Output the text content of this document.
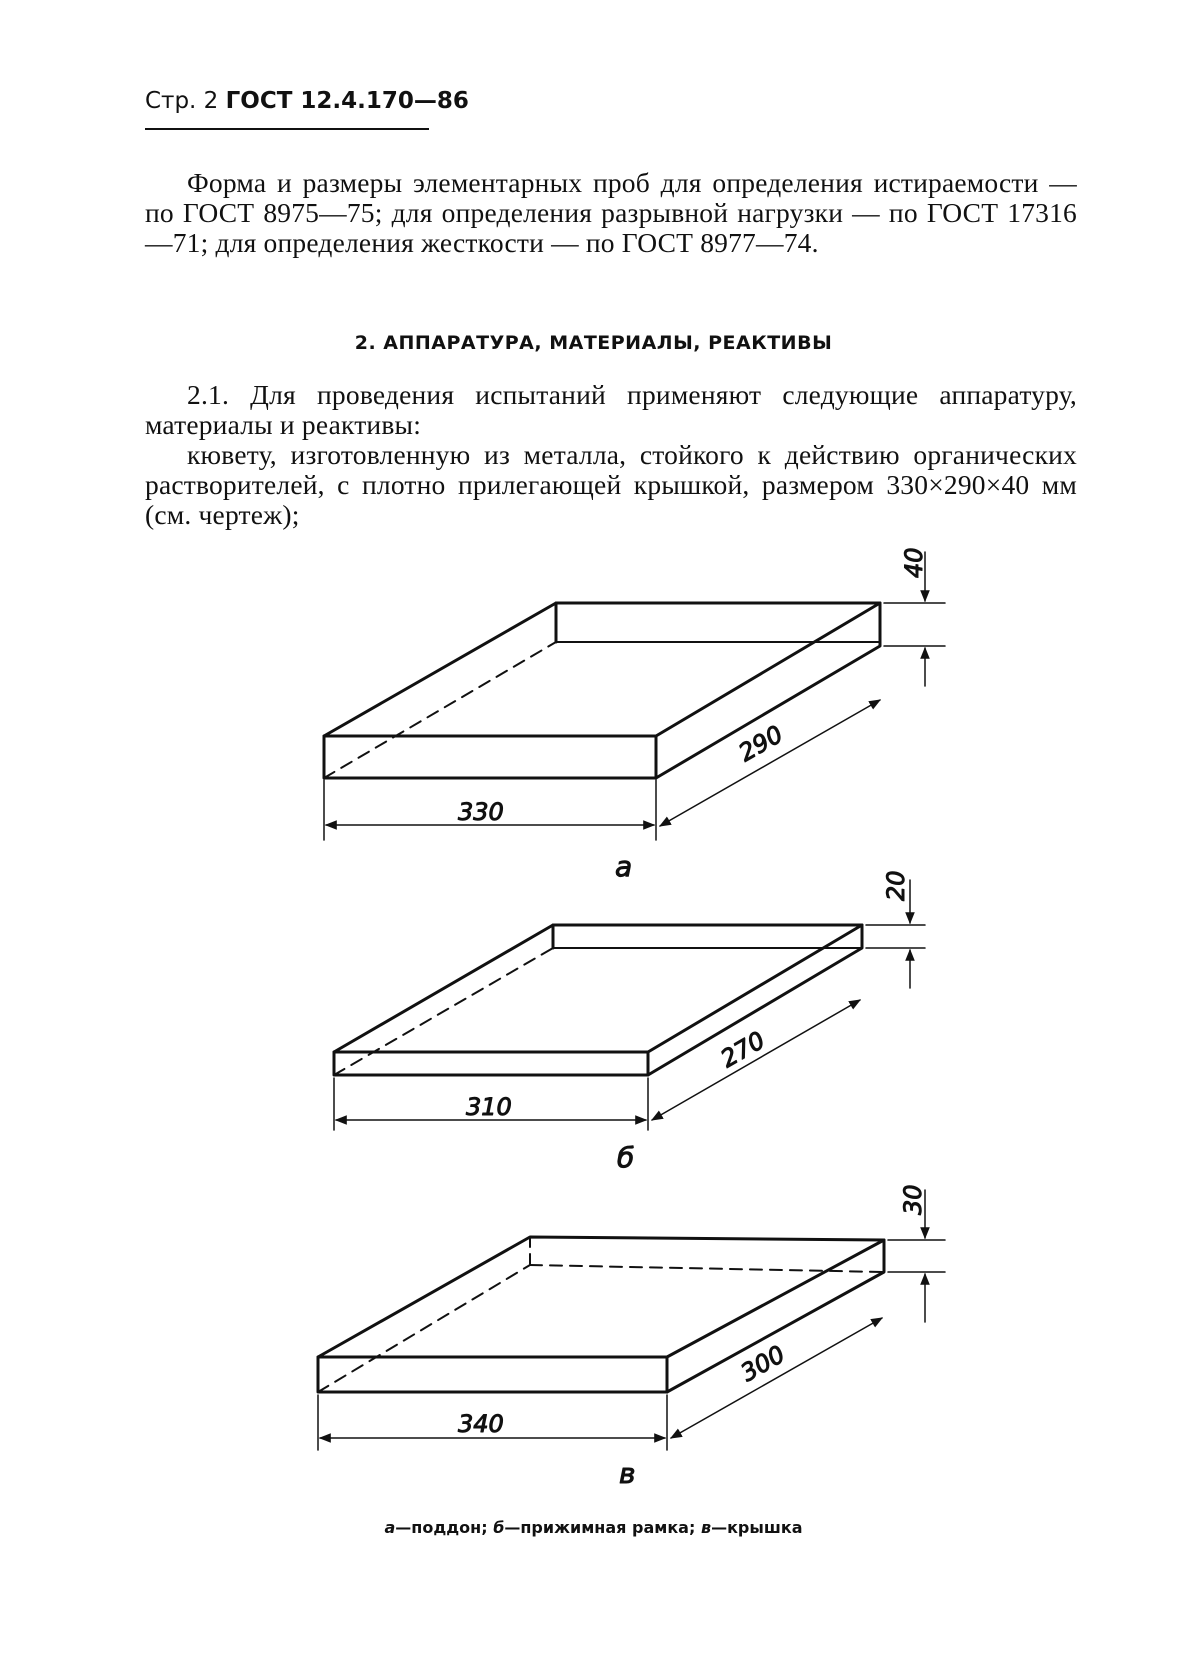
Стр. 2 ГОСТ 12.4.170—86
Форма и размеры элементарных проб для определения истираемости — по ГОСТ 8975—75; для определения разрывной нагрузки — по ГОСТ 17316—71; для определения жесткости — по ГОСТ 8977—74.
2. АППАРАТУРА, МАТЕРИАЛЫ, РЕАКТИВЫ
2.1. Для проведения испытаний применяют следующие аппаратуру, материалы и реактивы:
кювету, изготовленную из металла, стойкого к действию органических растворителей, с плотно прилегающей крышкой, размером 330×290×40 мм (см. чертеж);
330
290
40
а
310
270
20
б
340
300
30
в
а—поддон; б—прижимная рамка; в—крышка
